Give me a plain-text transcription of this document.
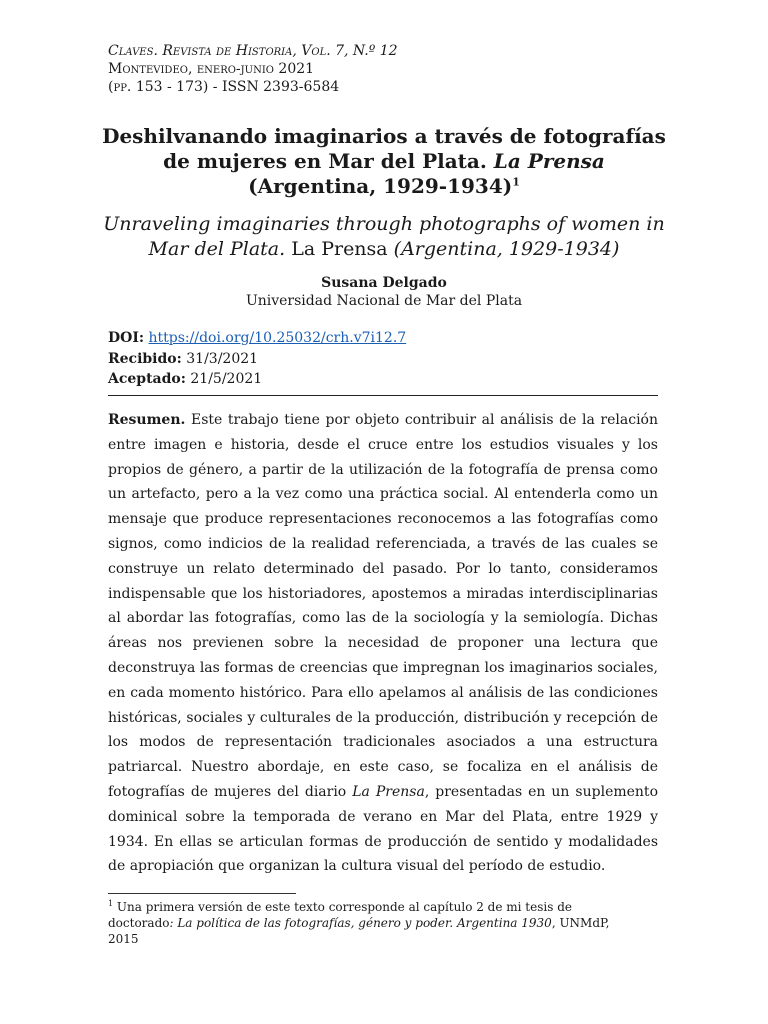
Claves. Revista de Historia, Vol. 7, N.º 12
Montevideo, enero-junio 2021
(pp. 153 - 173) - ISSN 2393-6584
Deshilvanando imaginarios a través de fotografías de mujeres en Mar del Plata. La Prensa (Argentina, 1929-1934)$^1$
Unraveling imaginaries through photographs of women in Mar del Plata. La Prensa (Argentina, 1929-1934)
Susana Delgado
Universidad Nacional de Mar del Plata
DOI: https://doi.org/10.25032/crh.v7i12.7
Recibido: 31/3/2021
Aceptado: 21/5/2021
Resumen. Este trabajo tiene por objeto contribuir al análisis de la relación entre imagen e historia, desde el cruce entre los estudios visuales y los propios de género, a partir de la utilización de la fotografía de prensa como un artefacto, pero a la vez como una práctica social. Al entenderla como un mensaje que produce representaciones reconocemos a las fotografías como signos, como indicios de la realidad referenciada, a través de las cuales se construye un relato determinado del pasado. Por lo tanto, consideramos indispensable que los historiadores, apostemos a miradas interdisciplinarias al abordar las fotografías, como las de la sociología y la semiología. Dichas áreas nos previenen sobre la necesidad de proponer una lectura que deconstruya las formas de creencias que impregnan los imaginarios sociales, en cada momento histórico. Para ello apelamos al análisis de las condiciones históricas, sociales y culturales de la producción, distribución y recepción de los modos de representación tradicionales asociados a una estructura patriarcal. Nuestro abordaje, en este caso, se focaliza en el análisis de fotografías de mujeres del diario La Prensa, presentadas en un suplemento dominical sobre la temporada de verano en Mar del Plata, entre 1929 y 1934. En ellas se articulan formas de producción de sentido y modalidades de apropiación que organizan la cultura visual del período de estudio.
$^1$ Una primera versión de este texto corresponde al capítulo 2 de mi tesis de doctorado: La política de las fotografías, género y poder. Argentina 1930, UNMdP, 2015
